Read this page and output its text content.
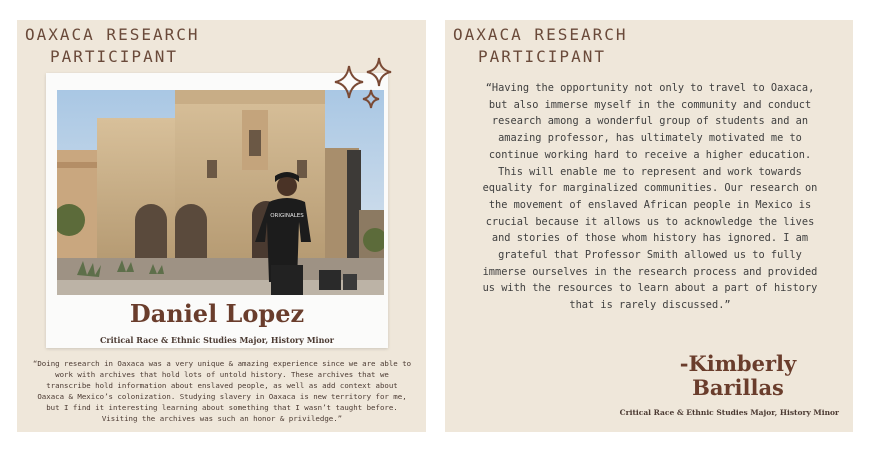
OAXACA RESEARCH
PARTICIPANT

ORIGINALES

Daniel Lopez

Critical Race & Ethnic Studies Major, History Minor

“Doing research in Oaxaca was a very unique & amazing experience since we are able to work with archives that hold lots of untold history. These archives that we transcribe hold information about enslaved people, as well as add context about Oaxaca & Mexico’s colonization. Studying slavery in Oaxaca is new territory for me, but I find it interesting learning about something that I wasn’t taught before. Visiting the archives was such an honor & priviledge.”

OAXACA RESEARCH
PARTICIPANT

“Having the opportunity not only to travel to Oaxaca, but also immerse myself in the community and conduct research among a wonderful group of students and an amazing professor, has ultimately motivated me to continue working hard to receive a higher education. This will enable me to represent and work towards equality for marginalized communities. Our research on the movement of enslaved African people in Mexico is crucial because it allows us to acknowledge the lives and stories of those whom history has ignored. I am grateful that Professor Smith allowed us to fully immerse ourselves in the research process and provided us with the resources to learn about a part of history that is rarely discussed.”

-Kimberly
Barillas

Critical Race & Ethnic Studies Major, History Minor
